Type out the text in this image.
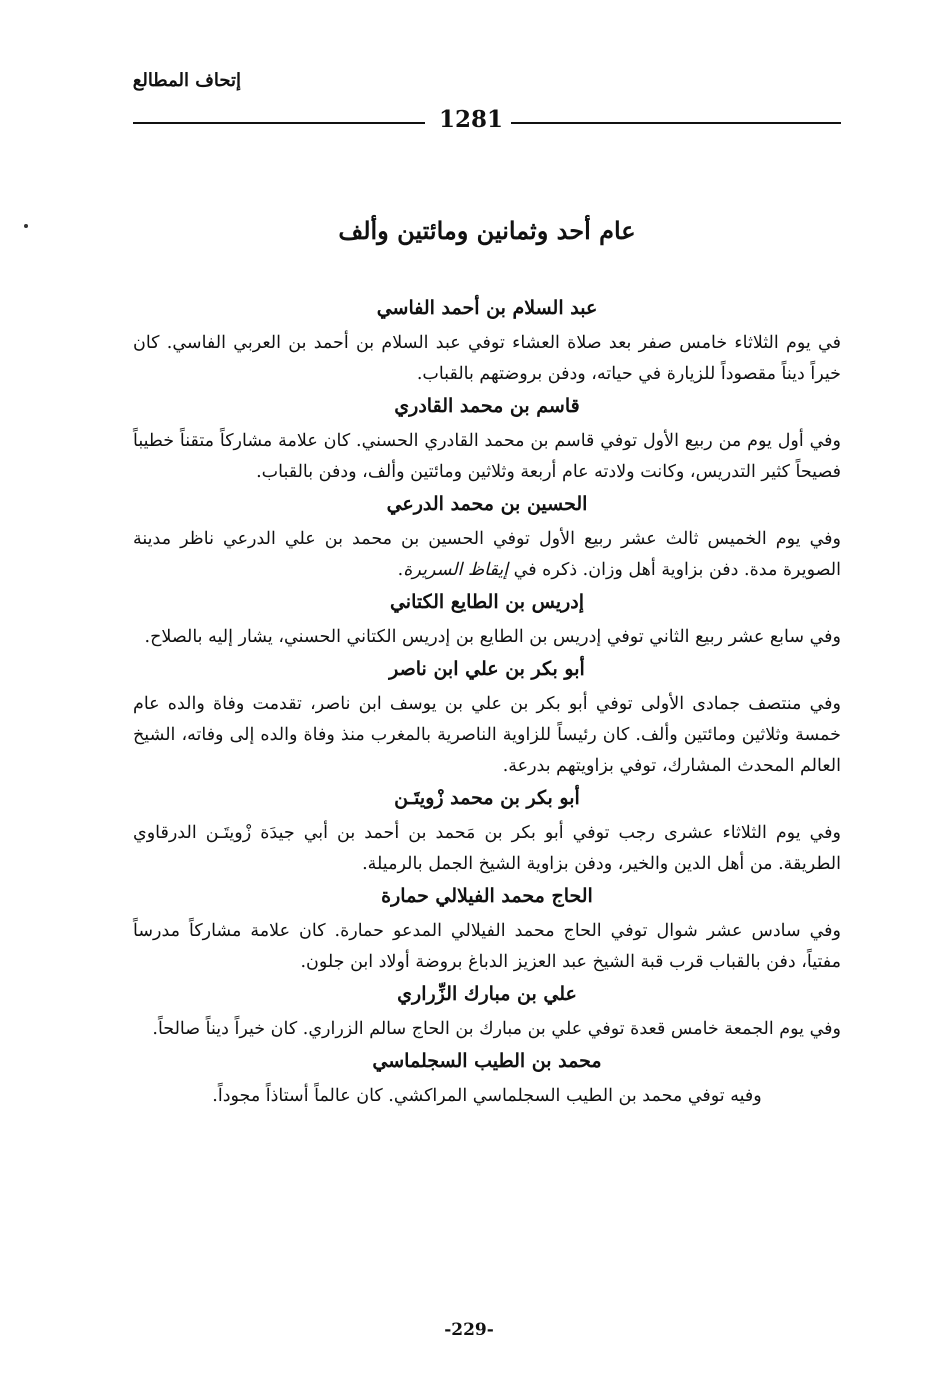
إتحاف المطالع
1281
عام أحد وثمانين ومائتين وألف
عبد السلام بن أحمد الفاسي

في يوم الثلاثاء خامس صفر بعد صلاة العشاء توفي عبد السلام بن أحمد بن العربي الفاسي. كان خيراً ديناً مقصوداً للزيارة في حياته، ودفن بروضتهم بالقباب.

قاسم بن محمد القادري

وفي أول يوم من ربيع الأول توفي قاسم بن محمد القادري الحسني. كان علامة مشاركاً متقناً خطيباً فصيحاً كثير التدريس، وكانت ولادته عام أربعة وثلاثين ومائتين وألف، ودفن بالقباب.

الحسين بن محمد الدرعي

وفي يوم الخميس ثالث عشر ربيع الأول توفي الحسين بن محمد بن علي الدرعي ناظر مدينة الصويرة مدة. دفن بزاوية أهل وزان. ذكره في إيقاظ السريرة.

إدريس بن الطايع الكتاني

وفي سابع عشر ربيع الثاني توفي إدريس بن الطايع بن إدريس الكتاني الحسني، يشار إليه بالصلاح.

أبو بكر بن علي ابن ناصر

وفي منتصف جمادى الأولى توفي أبو بكر بن علي بن يوسف ابن ناصر، تقدمت وفاة والده عام خمسة وثلاثين ومائتين وألف. كان رئيساً للزاوية الناصرية بالمغرب منذ وفاة والده إلى وفاته، الشيخ العالم المحدث المشارك، توفي بزاويتهم بدرعة.

أبو بكر بن محمد زْويتَـن

وفي يوم الثلاثاء عشرى رجب توفي أبو بكر بن مَحمد بن أحمد بن أبي جيدَة زْويتَـن الدرقاوي الطريقة. من أهل الدين والخير، ودفن بزاوية الشيخ الجمل بالرميلة.

الحاج محمد الفيلالي حمارة

وفي سادس عشر شوال توفي الحاج محمد الفيلالي المدعو حمارة. كان علامة مشاركاً مدرساً مفتياً، دفن بالقباب قرب قبة الشيخ عبد العزيز الدباغ بروضة أولاد ابن جلون.

علي بن مبارك الزِّراري

وفي يوم الجمعة خامس قعدة توفي علي بن مبارك بن الحاج سالم الزراري. كان خيراً ديناً صالحاً.

محمد بن الطيب السجلماسي

وفيه توفي محمد بن الطيب السجلماسي المراكشي. كان عالماً أستاذاً مجوداً.

-229-
